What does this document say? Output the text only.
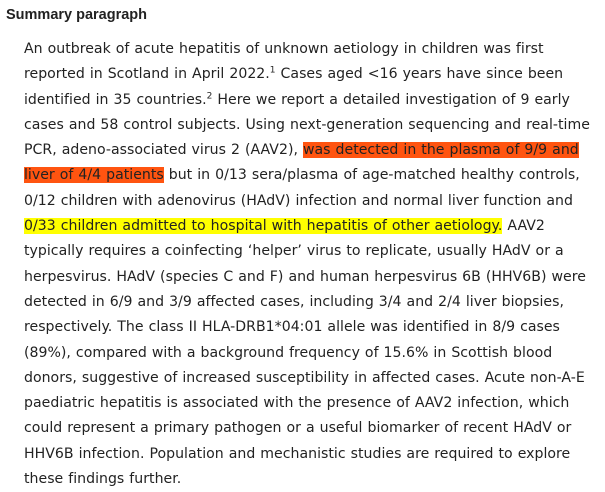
Summary paragraph

An outbreak of acute hepatitis of unknown aetiology in children was first reported in Scotland in April 2022.$^1$ Cases aged <16 years have since been identified in 35 countries.$^2$ Here we report a detailed investigation of 9 early cases and 58 control subjects. Using next-generation sequencing and real-time PCR, adeno-associated virus 2 (AAV2), was detected in the plasma of 9/9 and liver of 4/4 patients but in 0/13 sera/plasma of age-matched healthy controls, 0/12 children with adenovirus (HAdV) infection and normal liver function and 0/33 children admitted to hospital with hepatitis of other aetiology. AAV2 typically requires a coinfecting ‘helper’ virus to replicate, usually HAdV or a herpesvirus. HAdV (species C and F) and human herpesvirus 6B (HHV6B) were detected in 6/9 and 3/9 affected cases, including 3/4 and 2/4 liver biopsies, respectively. The class II HLA-DRB1*04:01 allele was identified in 8/9 cases (89%), compared with a background frequency of 15.6% in Scottish blood donors, suggestive of increased susceptibility in affected cases. Acute non-A-E paediatric hepatitis is associated with the presence of AAV2 infection, which could represent a primary pathogen or a useful biomarker of recent HAdV or HHV6B infection. Population and mechanistic studies are required to explore these findings further.
